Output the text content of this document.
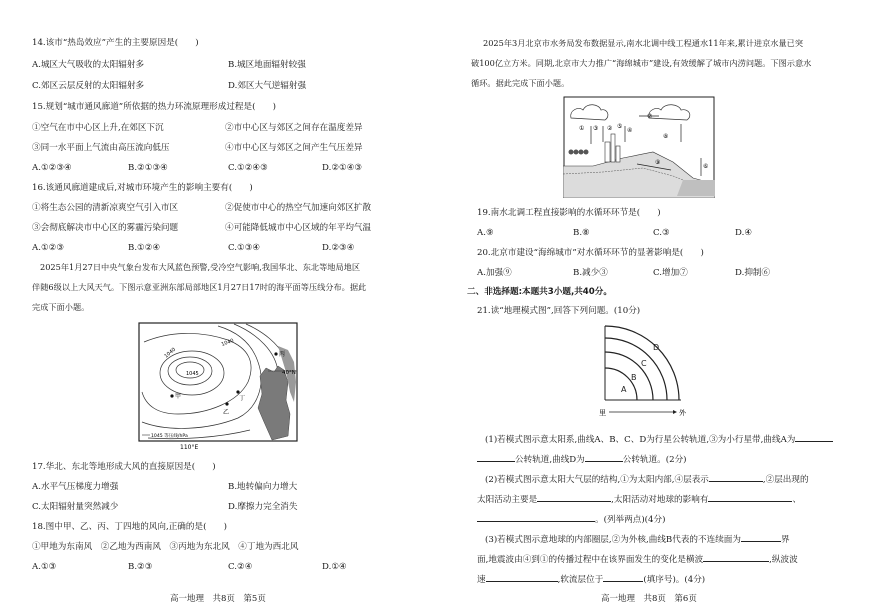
14.该市“热岛效应”产生的主要原因是(　　)
A.城区大气吸收的太阳辐射多	B.城区地面辐射较强
C.郊区云层反射的太阳辐射多	D.郊区大气逆辐射强
15.规划“城市通风廊道”所依据的热力环流原理形成过程是(　　)
①空气在市中心区上升,在郊区下沉	②市中心区与郊区之间存在温度差异
③同一水平面上气流由高压流向低压	④市中心区与郊区之间产生气压差异
A.①②③④	B.②①③④	C.①②④③	D.②①④③
16.该通风廊道建成后,对城市环境产生的影响主要有(　　)
①将生态公园的清新凉爽空气引入市区	②促使市中心的热空气加速向郊区扩散
③会彻底解决市中心区的雾霾污染问题	④可能降低城市中心区域的年平均气温
A.①②③	B.①②④	C.①③④	D.②③④
2025年1月27日中央气象台发布大风蓝色预警,受冷空气影响,我国华北、东北等地局地区
伴随6级以上大风天气。下图示意亚洲东部局部地区1月27日17时的海平面等压线分布。据此
完成下面小题。
1040
1040
1045
甲
乙
丙
丁
40°N
1045 等压线/hPa
110°E
17.华北、东北等地形成大风的直接原因是(　　)
A.水平气压梯度力增强	B.地转偏向力增大
C.太阳辐射量突然减少	D.摩擦力完全消失
18.图中甲、乙、丙、丁四地的风向,正确的是(　　)
①甲地为东南风　②乙地为西南风　③丙地为东北风　④丁地为西北风
A.①③	B.②③	C.②④	D.①④
高一地理　共8页　第5页
2025年3月北京市水务局发布数据显示,南水北调中线工程通水11年来,累计进京水量已突
破100亿立方米。同期,北京市大力推广“海绵城市”建设,有效缓解了城市内涝问题。下图示意水
循环。据此完成下面小题。
①	②
③	④
⑤
⑥
⑦
⑧
⑨
19.南水北调工程直接影响的水循环环节是(　　)
A.⑨	B.⑧	C.③	D.④
20.北京市建设“海绵城市”对水循环环节的显著影响是(　　)
A.加强⑨	B.减少③	C.增加⑦	D.抑制⑥
二、非选择题:本题共3小题,共40分。
21.读“地理模式图”,回答下列问题。(10分)
A
B
C
D
里	外
(1)若模式图示意太阳系,曲线A、B、C、D为行星公转轨道,③为小行星带,曲线A为
公转轨道,曲线D为	公转轨道。(2分)
(2)若模式图示意太阳大气层的结构,①为太阳内部,④层表示	,②层出现的
太阳活动主要是	,太阳活动对地球的影响有	、
。(列举两点)(4分)
(3)若模式图示意地球的内部圈层,②为外核,曲线B代表的不连续面为	界
面,地震波由④到①的传播过程中在该界面发生的变化是横波	,纵波波
速	,软流层位于	(填序号)。(4分)
高一地理　共8页　第6页
